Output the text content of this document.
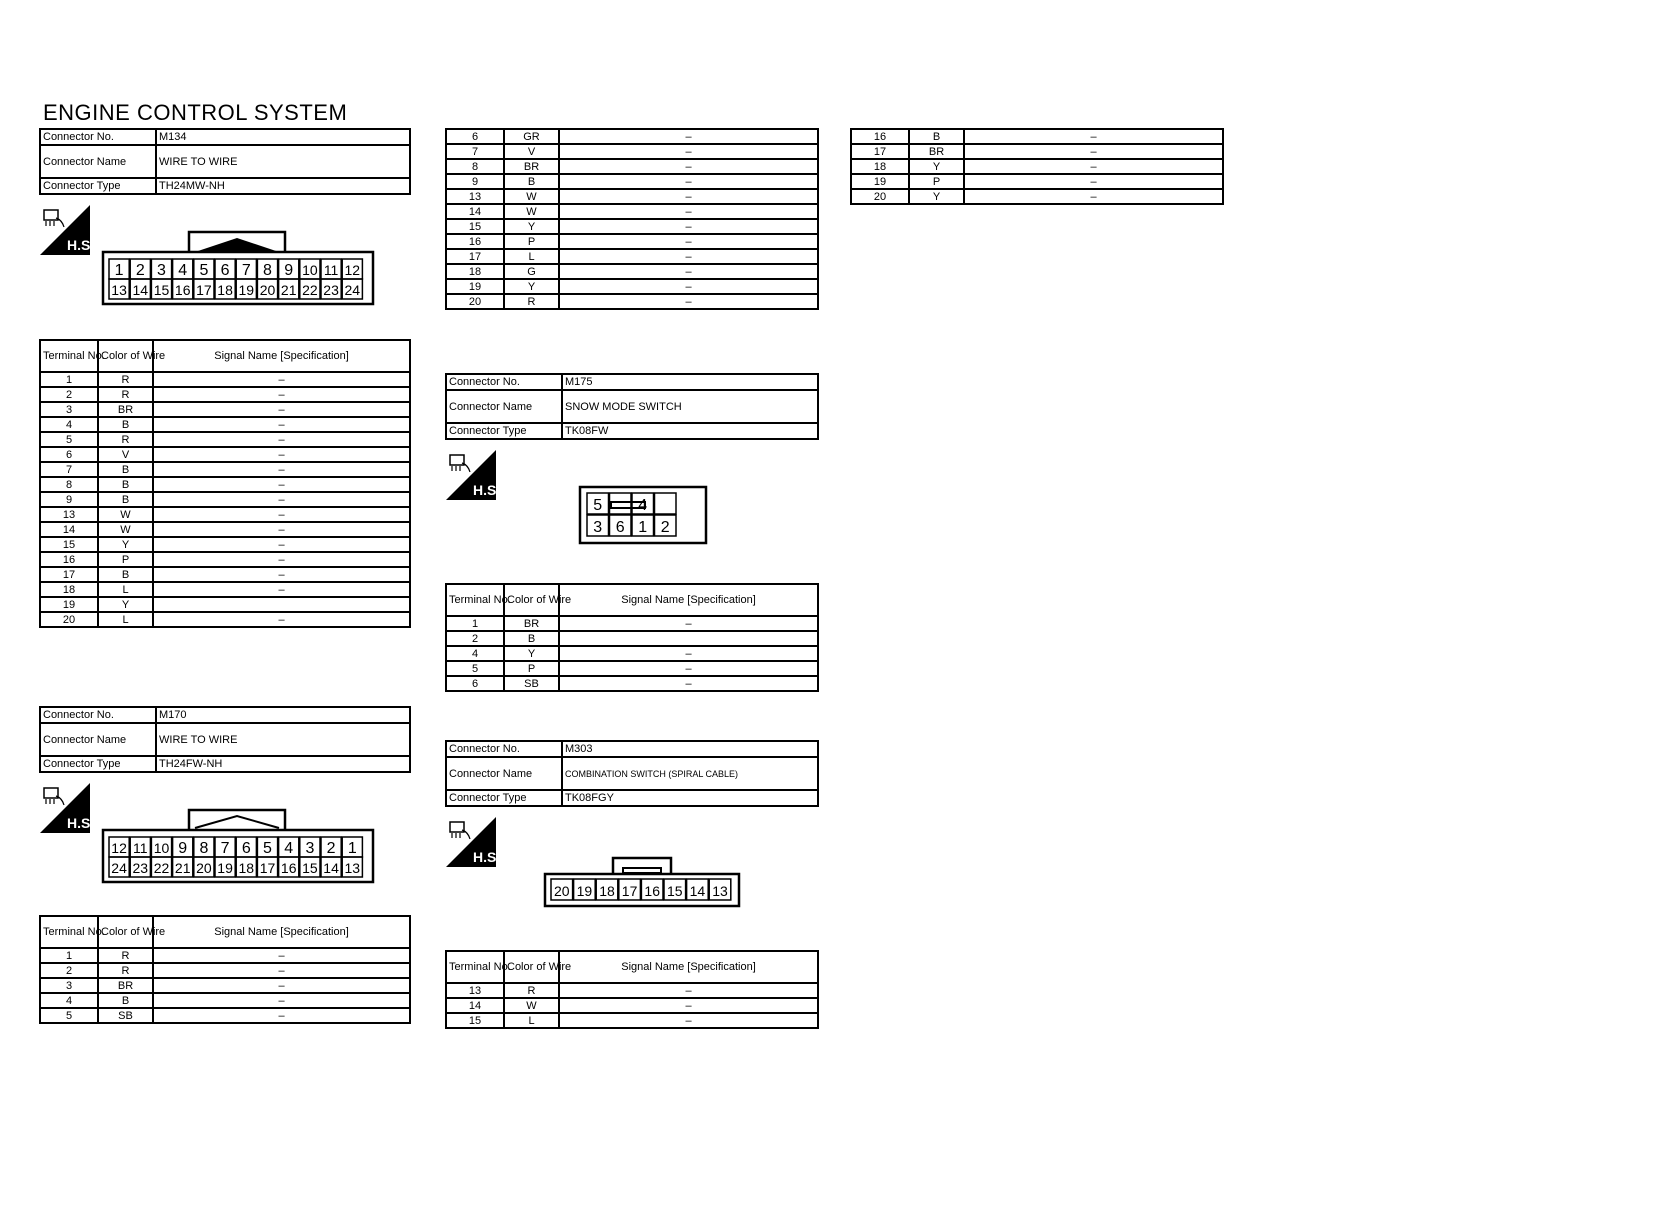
ENGINE CONTROL SYSTEM
Connector No.	M134
Connector Name	WIRE TO WIRE
Connector Type	TH24MW-NH
H.S.
1 2 3 4 5 6 7 8 9 10 11 12
13 14 15 16 17 18 19 20 21 22 23 24
Terminal No.	Color of Wire	Signal Name [Specification]
1	R	–
2	R	–
3	BR	–
4	B	–
5	R	–
6	V	–
7	B	–
8	B	–
9	B	–
13	W	–
14	W	–
15	Y	–
16	P	–
17	B	–
18	L	–
19	Y	
20	L	–
Connector No.	M170
Connector Name	WIRE TO WIRE
Connector Type	TH24FW-NH
H.S.
12 11 10 9 8 7 6 5 4 3 2 1
24 23 22 21 20 19 18 17 16 15 14 13
Terminal No.	Color of Wire	Signal Name [Specification]
1	R	–
2	R	–
3	BR	–
4	B	–
5	SB	–
6	GR	–
7	V	–
8	BR	–
9	B	–
13	W	–
14	W	–
15	Y	–
16	P	–
17	L	–
18	G	–
19	Y	–
20	R	–
Connector No.	M175
Connector Name	SNOW MODE SWITCH
Connector Type	TK08FW
H.S.
5 4
3 6 1 2
Terminal No.	Color of Wire	Signal Name [Specification]
1	BR	–
2	B	
4	Y	–
5	P	–
6	SB	–
Connector No.	M303
Connector Name	COMBINATION SWITCH (SPIRAL CABLE)
Connector Type	TK08FGY
H.S.
20 19 18 17 16 15 14 13
Terminal No.	Color of Wire	Signal Name [Specification]
13	R	–
14	W	–
15	L	–
16	B	–
17	BR	–
18	Y	–
19	P	–
20	Y	–
